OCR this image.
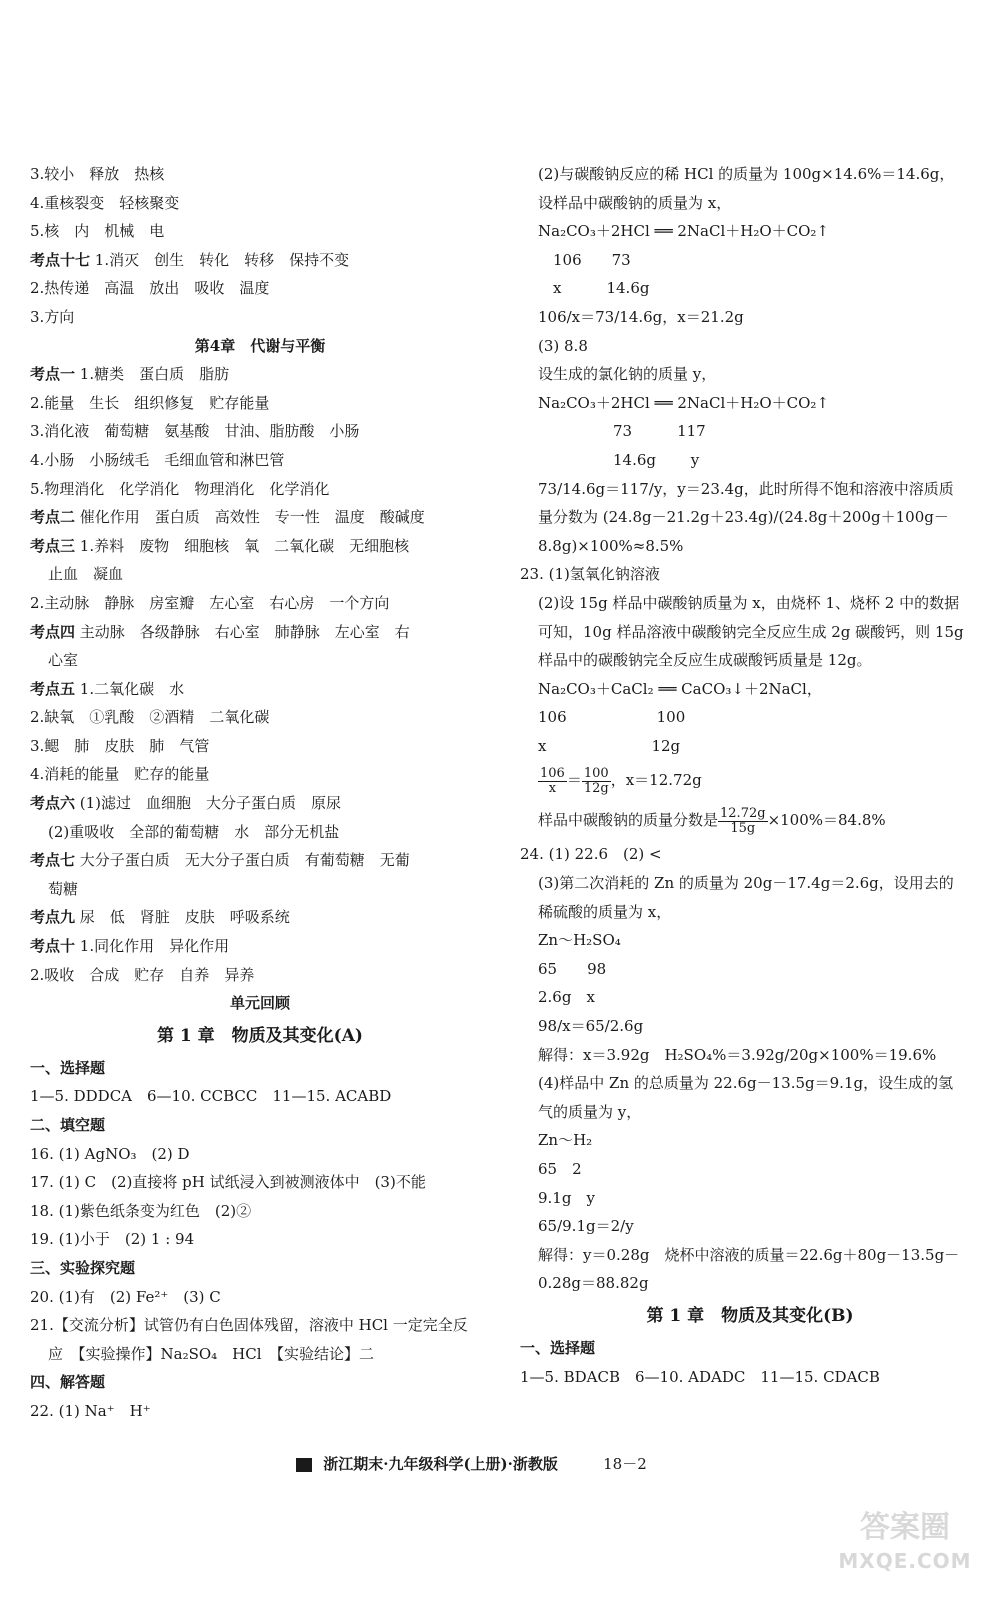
3.较小　释放　热核
4.重核裂变　轻核聚变
5.核　内　机械　电
考点十七 1.消灭　创生　转化　转移　保持不变
2.热传递　高温　放出　吸收　温度
3.方向
第4章　代谢与平衡
考点一 1.糖类　蛋白质　脂肪
2.能量　生长　组织修复　贮存能量
3.消化液　葡萄糖　氨基酸　甘油、脂肪酸　小肠
4.小肠　小肠绒毛　毛细血管和淋巴管
5.物理消化　化学消化　物理消化　化学消化
考点二 催化作用　蛋白质　高效性　专一性　温度　酸碱度
考点三 1.养料　废物　细胞核　氧　二氧化碳　无细胞核
止血　凝血
2.主动脉　静脉　房室瓣　左心室　右心房　一个方向
考点四 主动脉　各级静脉　右心室　肺静脉　左心室　右
心室
考点五 1.二氧化碳　水
2.缺氧　①乳酸　②酒精　二氧化碳
3.鳃　肺　皮肤　肺　气管
4.消耗的能量　贮存的能量
考点六 (1)滤过　血细胞　大分子蛋白质　原尿
(2)重吸收　全部的葡萄糖　水　部分无机盐
考点七 大分子蛋白质　无大分子蛋白质　有葡萄糖　无葡
萄糖
考点九 尿　低　肾脏　皮肤　呼吸系统
考点十 1.同化作用　异化作用
2.吸收　合成　贮存　自养　异养
单元回顾
第 1 章　物质及其变化(A)
一、选择题
1—5. DDDCA　6—10. CCBCC　11—15. ACABD
二、填空题
16. (1) AgNO₃　(2) D
17. (1) C　(2)直接将 pH 试纸浸入到被测液体中　(3)不能
18. (1)紫色纸条变为红色　(2)②
19. (1)小于　(2) 1 : 94
三、实验探究题
20. (1)有　(2) Fe²⁺　(3) C
21.【交流分析】试管仍有白色固体残留，溶液中 HCl 一定完全反
应　【实验操作】Na₂SO₄　HCl　【实验结论】二
四、解答题
22. (1) Na⁺　H⁺
(2)与碳酸钠反应的稀 HCl 的质量为 100g×14.6%＝14.6g，
设样品中碳酸钠的质量为 x，
Na₂CO₃＋2HCl ══ 2NaCl＋H₂O＋CO₂↑
　106　　73
　x　　　14.6g
106/x＝73/14.6g，x＝21.2g
(3) 8.8
设生成的氯化钠的质量 y，
Na₂CO₃＋2HCl ══ 2NaCl＋H₂O＋CO₂↑
　　　　　73　　　117
　　　　　14.6g　　 y
73/14.6g＝117/y，y＝23.4g，此时所得不饱和溶液中溶质质
量分数为 (24.8g－21.2g＋23.4g)/(24.8g＋200g＋100g－
8.8g)×100%≈8.5%
23. (1)氢氧化钠溶液
(2)设 15g 样品中碳酸钠质量为 x，由烧杯 1、烧杯 2 中的数据
可知，10g 样品溶液中碳酸钠完全反应生成 2g 碳酸钙，则 15g
样品中的碳酸钠完全反应生成碳酸钙质量是 12g。
Na₂CO₃＋CaCl₂ ══ CaCO₃↓＋2NaCl，
106　　　　　　100
x　　　　　　　12g
$\frac{106}{x} = \frac{100}{12g}$ ，x＝12.72g
样品中碳酸钠的质量分数是 $\frac{12.72g}{15g} \times 100\%=84.8\%$
24. (1) 22.6　(2) <
(3)第二次消耗的 Zn 的质量为 20g－17.4g＝2.6g，设用去的
稀硫酸的质量为 x，
Zn～H₂SO₄
65　　98
2.6g　x
98/x＝65/2.6g
解得：x＝3.92g　H₂SO₄%＝3.92g/20g×100%＝19.6%
(4)样品中 Zn 的总质量为 22.6g－13.5g＝9.1g，设生成的氢
气的质量为 y，
Zn～H₂
65　2
9.1g　y
65/9.1g＝2/y
解得：y＝0.28g　烧杯中溶液的质量＝22.6g＋80g－13.5g－
0.28g＝88.82g
第 1 章　物质及其变化(B)
一、选择题
1—5. BDACB　6—10. ADADC　11—15. CDACB
浙江期末·九年级科学(上册)·浙教版	18－2
答案圈
MXQE.COM
